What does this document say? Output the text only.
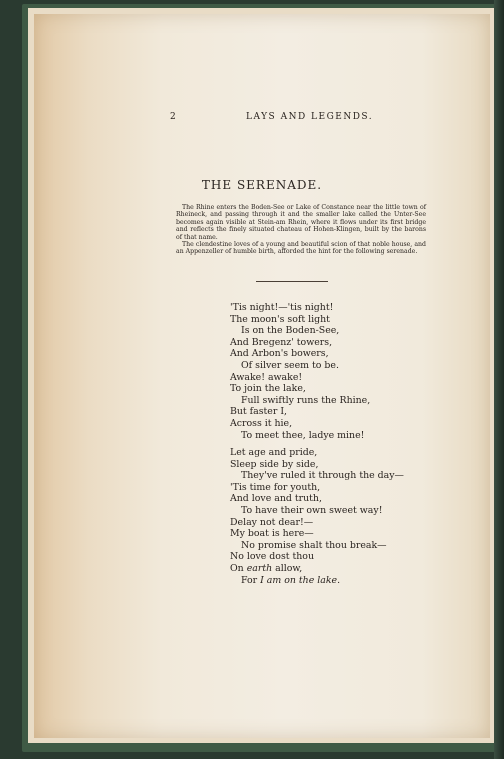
2	LAYS AND LEGENDS.
THE SERENADE.

The Rhine enters the Boden-See or Lake of Constance near the little town of Rheineck, and passing through it and the smaller lake called the Unter-See becomes again visible at Stein-am Rhein, where it flows under its first bridge and reflects the finely situated chateau of Hohen-Klingen, built by the barons of that name.

The clendestine loves of a young and beautiful scion of that noble house, and an Appenzeller of humble birth, afforded the hint for the following serenade.

'Tis night!—'tis night!
The moon's soft light
Is on the Boden-See,
And Bregenz' towers,
And Arbon's bowers,
Of silver seem to be.
Awake! awake!
To join the lake,
Full swiftly runs the Rhine,
But faster I,
Across it hie,
To meet thee, ladye mine!
Let age and pride,
Sleep side by side,
They've ruled it through the day—
'Tis time for youth,
And love and truth,
To have their own sweet way!
Delay not dear!—
My boat is here—
No promise shalt thou break—
No love dost thou
On earth allow,
For I am on the lake.
